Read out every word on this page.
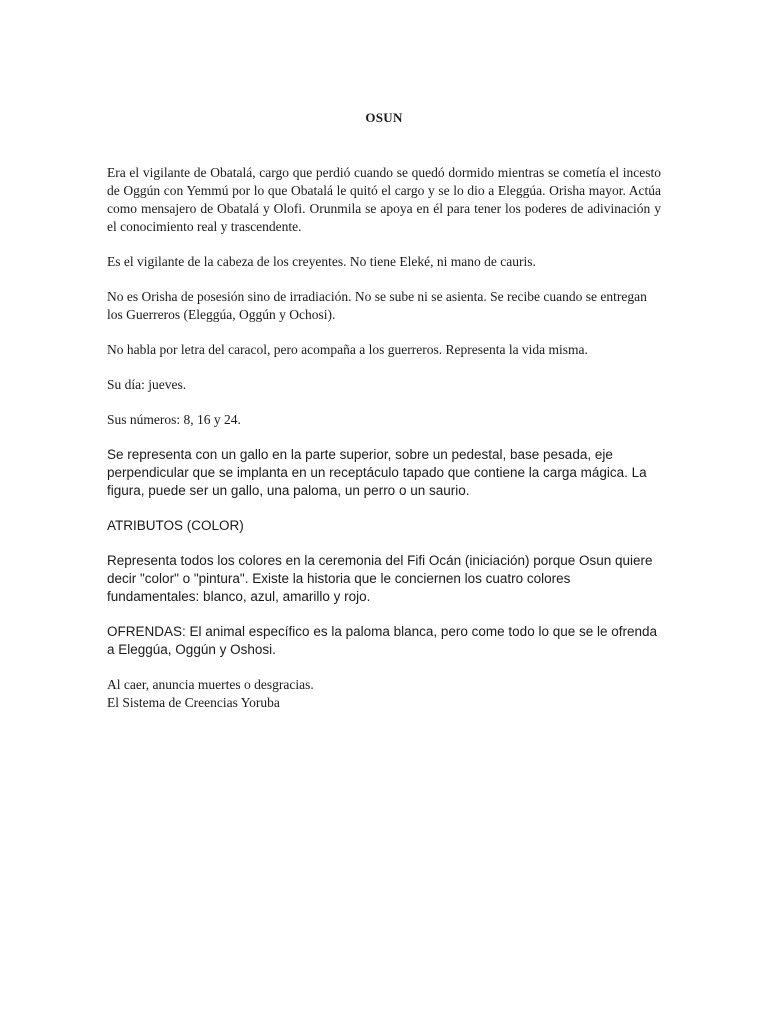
OSUN

Era el vigilante de Obatalá, cargo que perdió cuando se quedó dormido mientras se cometía el incesto de Oggún con Yemmú por lo que Obatalá le quitó el cargo y se lo dio a Eleggúa. Orisha mayor. Actúa como mensajero de Obatalá y Olofi. Orunmila se apoya en él para tener los poderes de adivinación y el conocimiento real y trascendente.

Es el vigilante de la cabeza de los creyentes. No tiene Eleké, ni mano de cauris.

No es Orisha de posesión sino de irradiación. No se sube ni se asienta. Se recibe cuando se entregan los Guerreros (Eleggúa, Oggún y Ochosi).

No habla por letra del caracol, pero acompaña a los guerreros. Representa la vida misma.

Su día: jueves.

Sus números: 8, 16 y 24.

Se representa con un gallo en la parte superior, sobre un pedestal, base pesada, eje perpendicular que se implanta en un receptáculo tapado que contiene la carga mágica. La figura, puede ser un gallo, una paloma, un perro o un saurio.

ATRIBUTOS (COLOR)

Representa todos los colores en la ceremonia del Fifi Ocán (iniciación) porque Osun quiere decir "color" o "pintura". Existe la historia que le conciernen los cuatro colores fundamentales: blanco, azul, amarillo y rojo.

OFRENDAS: El animal específico es la paloma blanca, pero come todo lo que se le ofrenda a Eleggúa, Oggún y Oshosi.

Al caer, anuncia muertes o desgracias.

El Sistema de Creencias Yoruba
